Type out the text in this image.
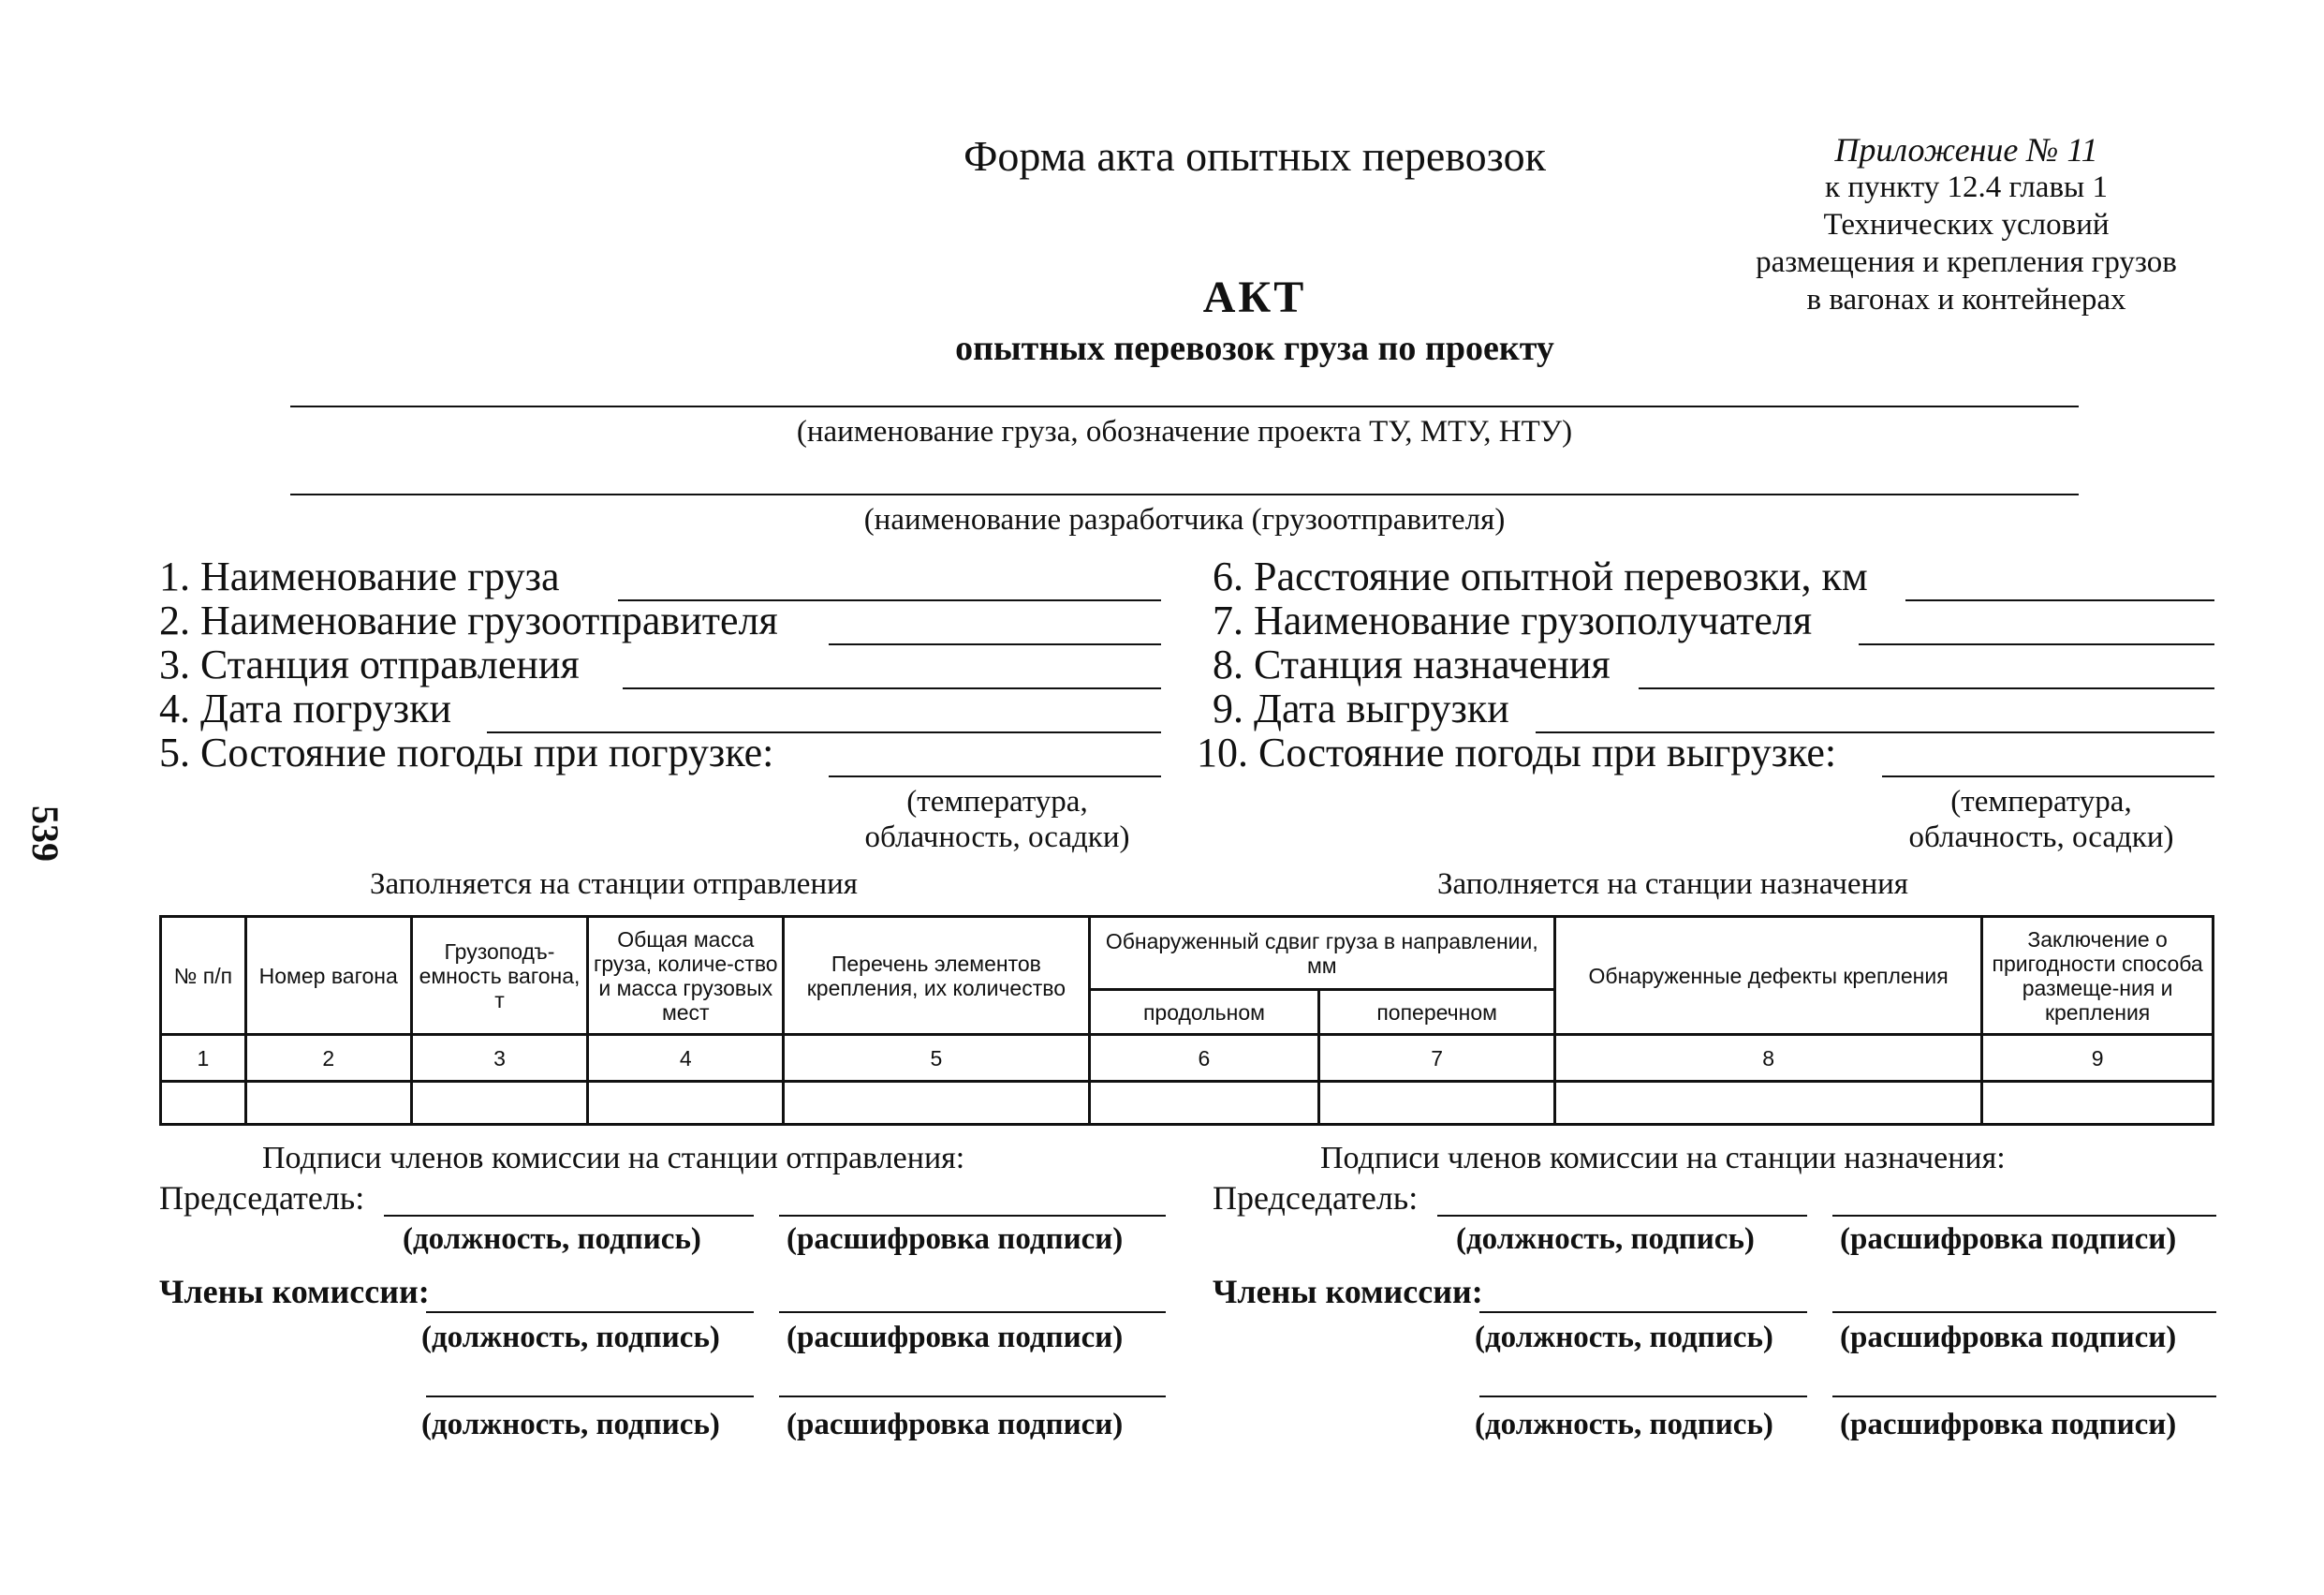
Форма акта опытных перевозок	Приложение № 11
к пункту 12.4 главы 1
Технических условий
размещения и крепления грузов
в вагонах и контейнерах
АКТ
опытных перевозок груза по проекту
(наименование груза, обозначение проекта ТУ, МТУ, НТУ)
(наименование разработчика (грузоотправителя)
539
1. Наименование груза
2. Наименование грузоотправителя
3. Станция отправления
4. Дата погрузки
5. Состояние погоды при погрузке:
(температура,
облачность, осадки)
6. Расстояние опытной перевозки, км
7. Наименование грузополучателя
8. Станция назначения
9. Дата выгрузки
10. Состояние погоды при выгрузке:
(температура,
облачность, осадки)
Заполняется на станции отправления	Заполняется на станции назначения
№ п/п	Номер вагона	Грузоподъ-емность вагона, т	Общая масса груза, количе-ство и масса грузовых мест	Перечень элементов крепления, их количество	Обнаруженный сдвиг груза в направлении, мм		Обнаруженные дефекты крепления	Заключение о пригодности способа размеще-ния и крепления
					продольном	поперечном		
1	2	3	4	5	6	7	8	9

Подписи членов комиссии на станции отправления:
Председатель:
(должность, подпись)	(расшифровка подписи)
Члены комиссии:
(должность, подпись) (расшифровка подписи)
(должность, подпись) (расшифровка подписи)
Подписи членов комиссии на станции назначения:
Председатель:
(должность, подпись)	(расшифровка подписи)
Члены комиссии:
(должность, подпись) (расшифровка подписи)
(должность, подпись) (расшифровка подписи)
